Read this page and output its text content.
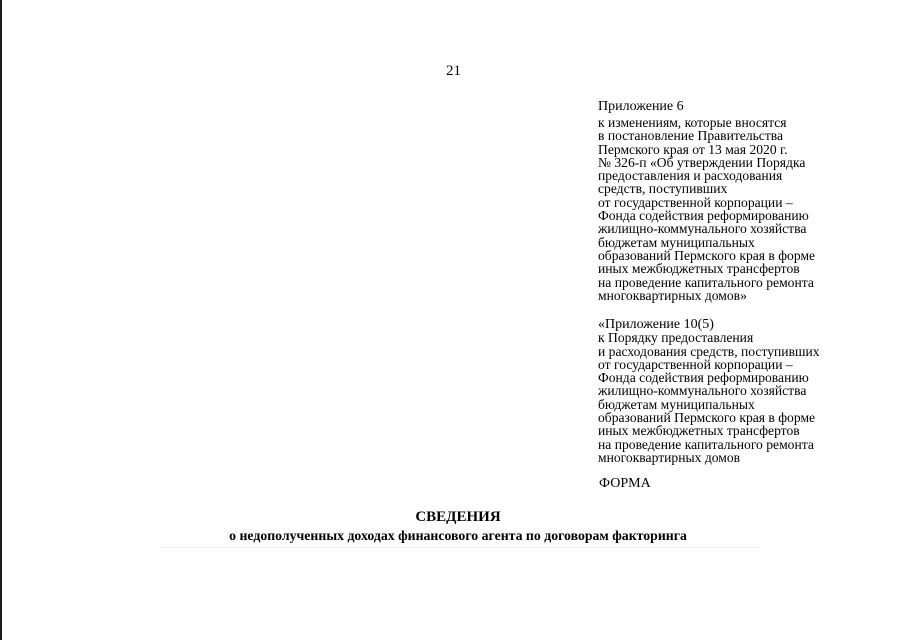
21
Приложение 6
к изменениям, которые вносятся
в постановление Правительства
Пермского края от 13 мая 2020 г.
№ 326-п «Об утверждении Порядка
предоставления и расходования
средств, поступивших
от государственной корпорации –
Фонда содействия реформированию
жилищно-коммунального хозяйства
бюджетам муниципальных
образований Пермского края в форме
иных межбюджетных трансфертов
на проведение капитального ремонта
многоквартирных домов»
«Приложение 10(5)
к Порядку предоставления
и расходования средств, поступивших
от государственной корпорации –
Фонда содействия реформированию
жилищно-коммунального хозяйства
бюджетам муниципальных
образований Пермского края в форме
иных межбюджетных трансфертов
на проведение капитального ремонта
многоквартирных домов
ФОРМА
СВЕДЕНИЯ
о недополученных доходах финансового агента по договорам факторинга
